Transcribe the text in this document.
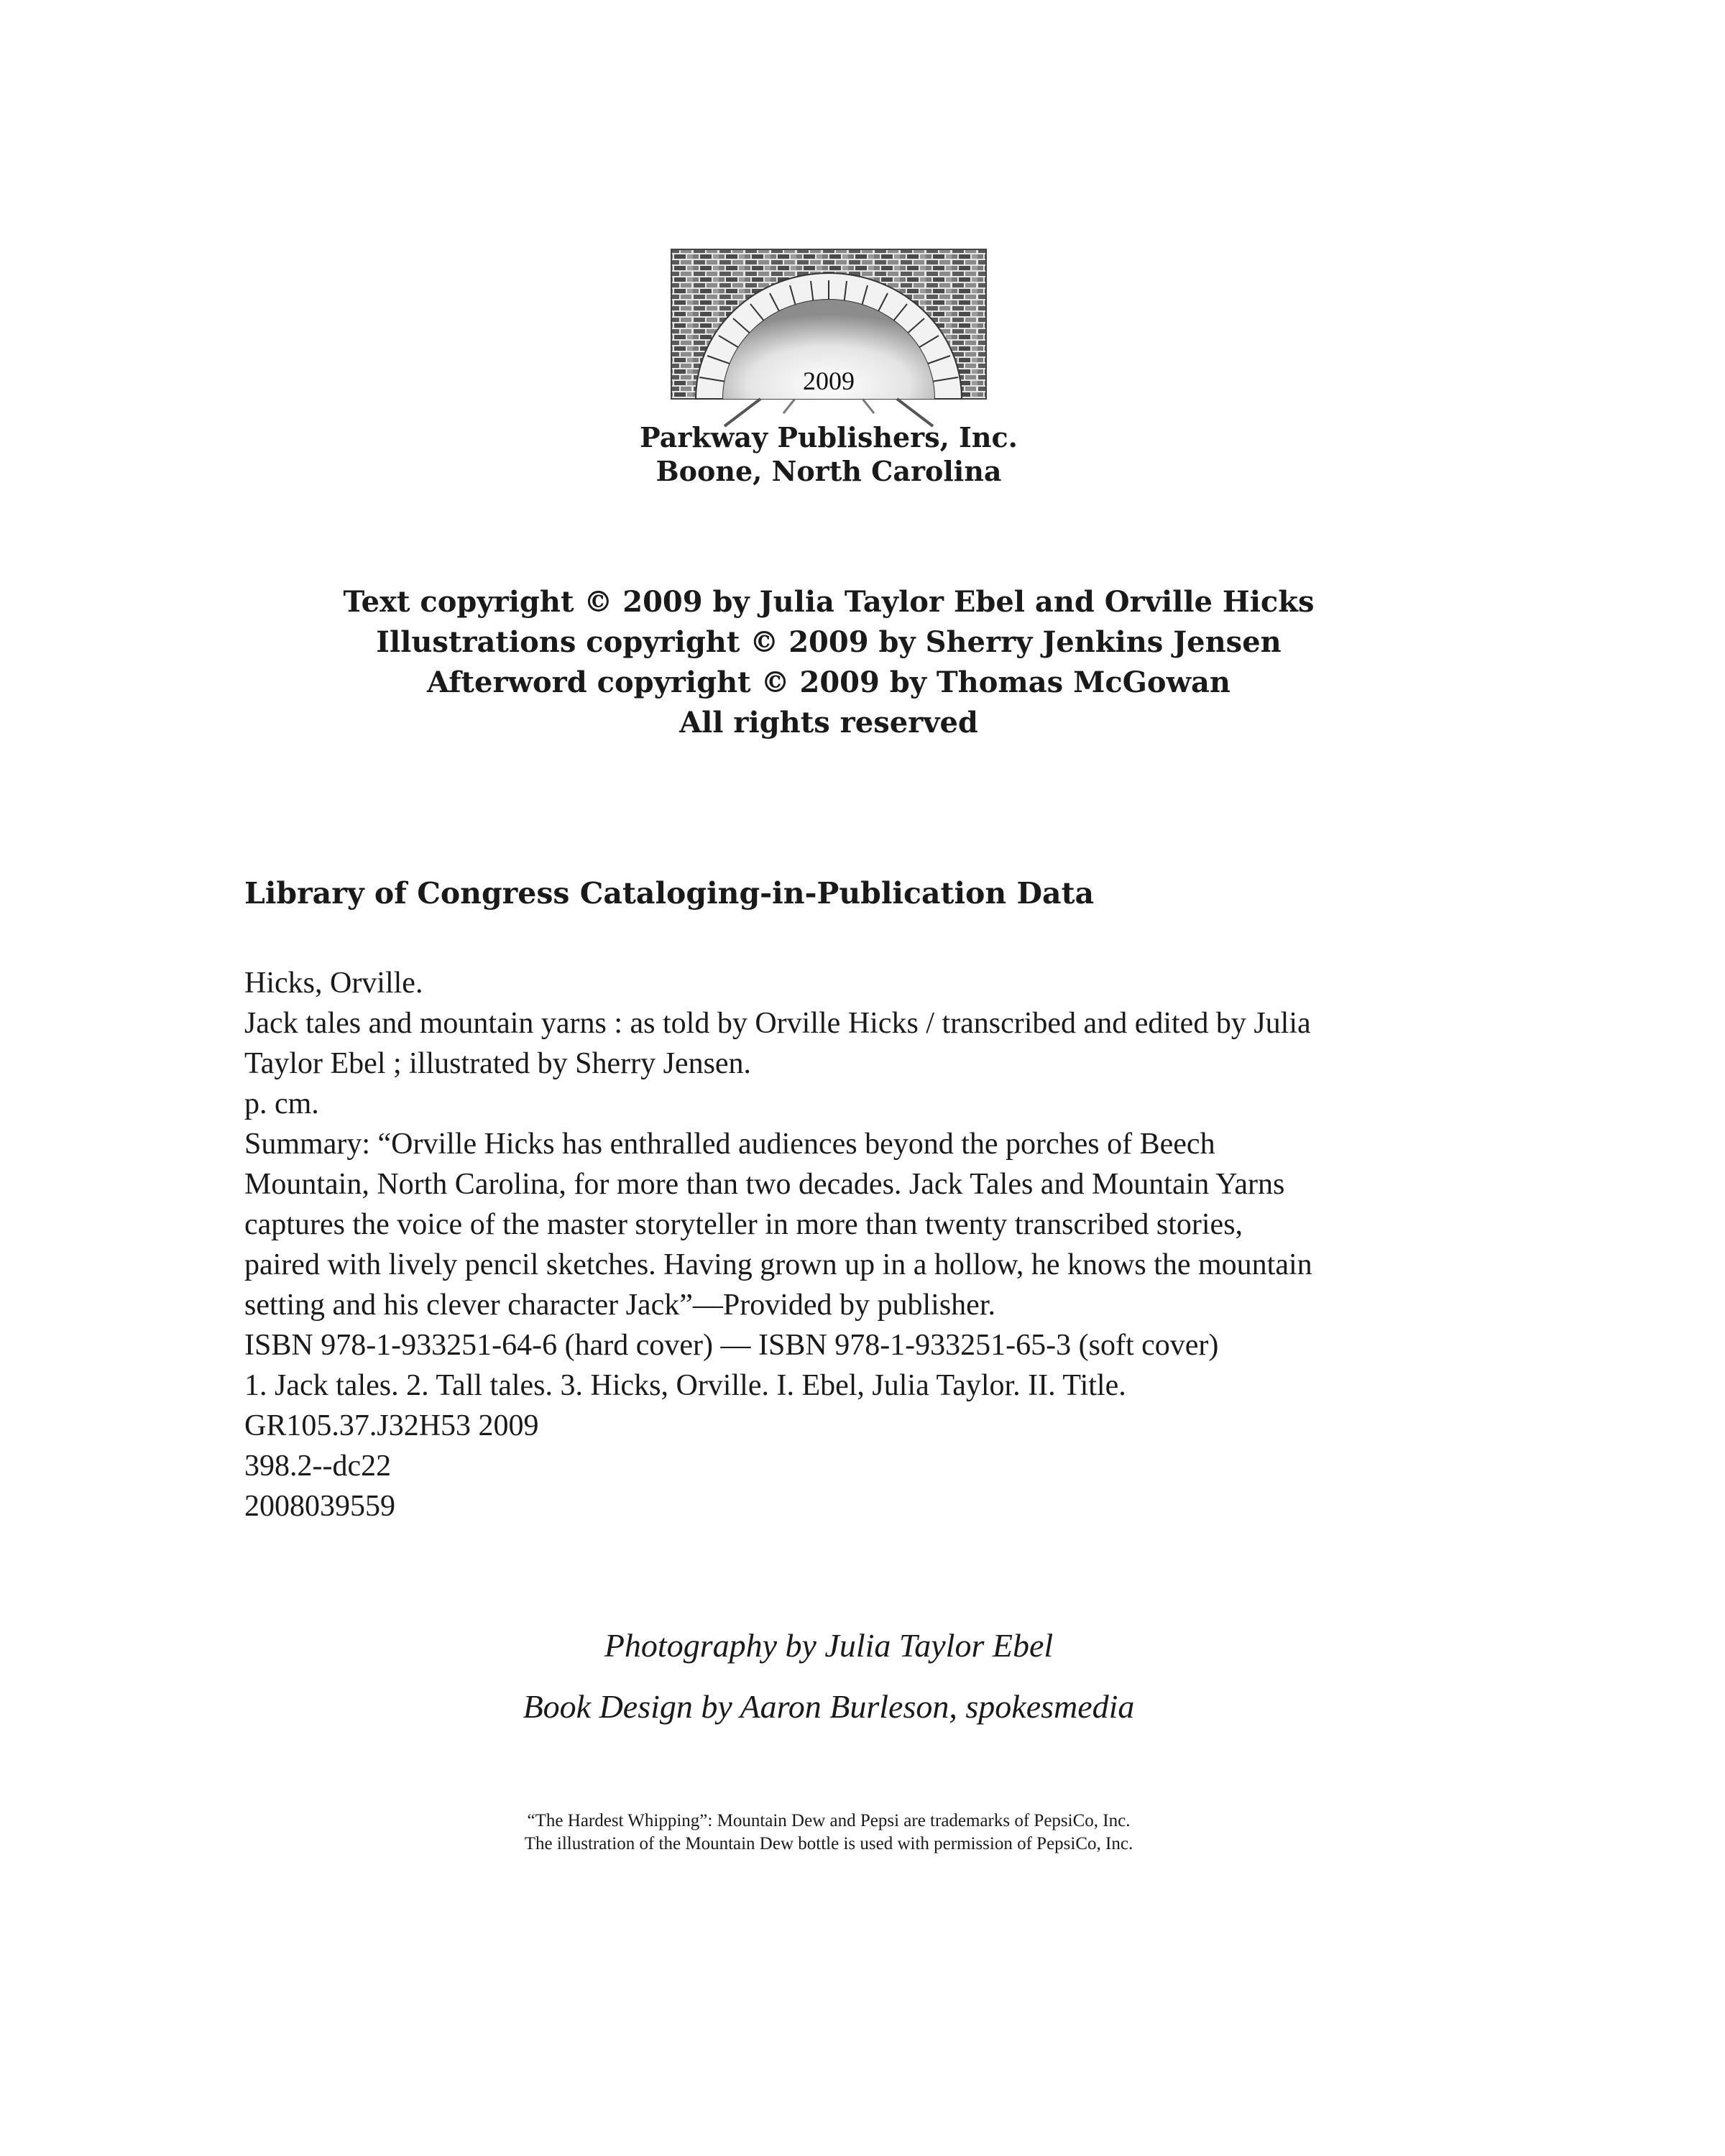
2009
Parkway Publishers, Inc.
Boone, North Carolina
Text copyright © 2009 by Julia Taylor Ebel and Orville Hicks
Illustrations copyright © 2009 by Sherry Jenkins Jensen
Afterword copyright © 2009 by Thomas McGowan
All rights reserved
Library of Congress Cataloging-in-Publication Data
Hicks, Orville.
Jack tales and mountain yarns : as told by Orville Hicks / transcribed and edited by Julia
Taylor Ebel ; illustrated by Sherry Jensen.
p. cm.
Summary: “Orville Hicks has enthralled audiences beyond the porches of Beech
Mountain, North Carolina, for more than two decades. Jack Tales and Mountain Yarns
captures the voice of the master storyteller in more than twenty transcribed stories,
paired with lively pencil sketches. Having grown up in a hollow, he knows the mountain
setting and his clever character Jack”—Provided by publisher.
ISBN 978-1-933251-64-6 (hard cover) — ISBN 978-1-933251-65-3 (soft cover)
1. Jack tales. 2. Tall tales. 3. Hicks, Orville. I. Ebel, Julia Taylor. II. Title.
GR105.37.J32H53 2009
398.2--dc22
2008039559
Photography by Julia Taylor Ebel
Book Design by Aaron Burleson, spokesmedia
“The Hardest Whipping”: Mountain Dew and Pepsi are trademarks of PepsiCo, Inc.
The illustration of the Mountain Dew bottle is used with permission of PepsiCo, Inc.
